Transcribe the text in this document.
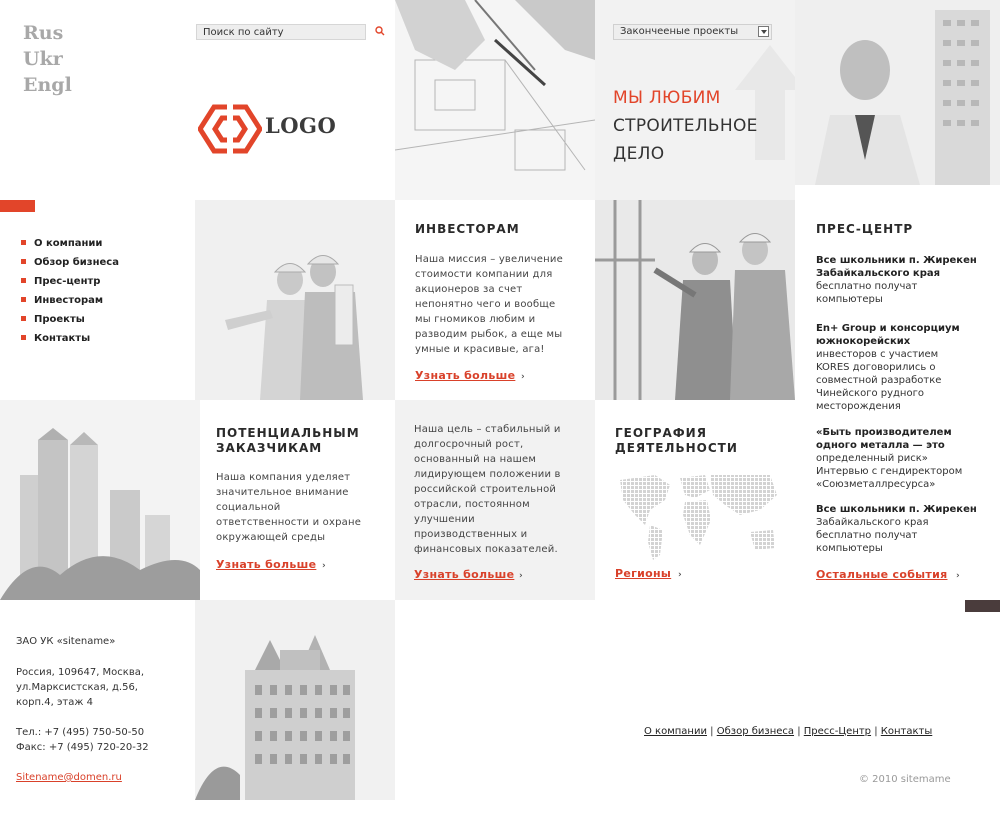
Rus
Ukr
Engl
Поиск по сайту
LOGO
Закончееные проекты
МЫ ЛЮБИМ
СТРОИТЕЛЬНОЕ
ДЕЛО
О компании
Обзор бизнеса
Прес-центр
Инвесторам
Проекты
Контакты
ИНВЕСТОРАМ
Наша миссия – увеличение
стоимости компании для
акционеров за счет
непонятно чего и вообще
мы гномиков любим и
разводим рыбок, а еще мы
умные и красивые, ага!
Узнать больше ›
ПРЕС-ЦЕНТР
Все школьники п. Жирекен
Забайкальского края
бесплатно получат
компьютеры
En+ Group и консорциум
южнокорейских
инвесторов с участием
KORES договорились о
совместной разработке
Чинейского рудного
месторождения
«Быть производителем
одного металла — это
определенный риск»
Интервью с гендиректором
«Союзметаллресурса»
Все школьники п. Жирекен
Забайкальского края
бесплатно получат
компьютеры
Остальные события ›
ПОТЕНЦИАЛЬНЫМ
ЗАКАЗЧИКАМ
Наша компания уделяет
значительное внимание
социальной
ответственности и охране
окружающей среды
Узнать больше ›
Наша цель – стабильный и
долгосрочный рост,
основанный на нашем
лидирующем положении в
российской строительной
отрасли, постоянном
улучшении
производственных и
финансовых показателей.
Узнать больше ›
ГЕОГРАФИЯ
ДЕЯТЕЛЬНОСТИ
Регионы ›
ЗАО УК «sitename»
Россия, 109647, Москва,
ул.Марксистская, д.56,
корп.4, этаж 4
Тел.: +7 (495) 750-50-50
Факс: +7 (495) 720-20-32
Sitename@domen.ru
О компании | Обзор бизнеса | Пресс-Центр | Контакты
© 2010 sitemame
